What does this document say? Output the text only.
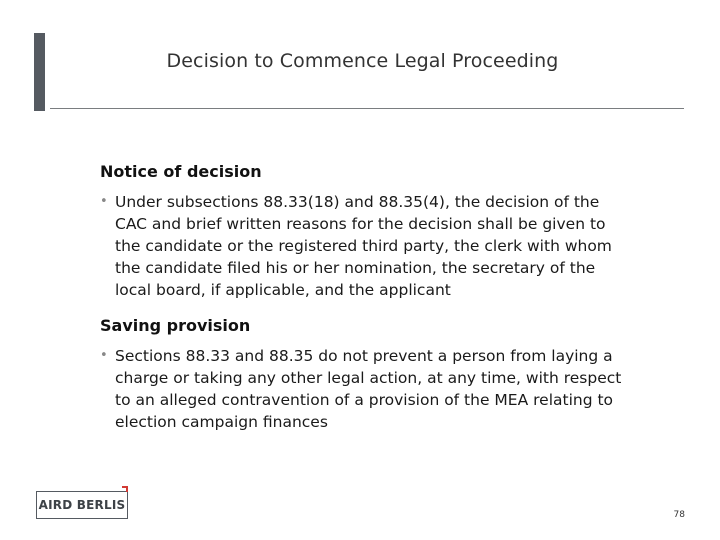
Decision to Commence Legal Proceeding

Notice of decision

• Under subsections 88.33(18) and 88.35(4), the decision of the CAC and brief written reasons for the decision shall be given to the candidate or the registered third party, the clerk with whom the candidate filed his or her nomination, the secretary of the local board, if applicable, and the applicant

Saving provision

• Sections 88.33 and 88.35 do not prevent a person from laying a charge or taking any other legal action, at any time, with respect to an alleged contravention of a provision of the MEA relating to election campaign finances
AIRD BERLIS
78
